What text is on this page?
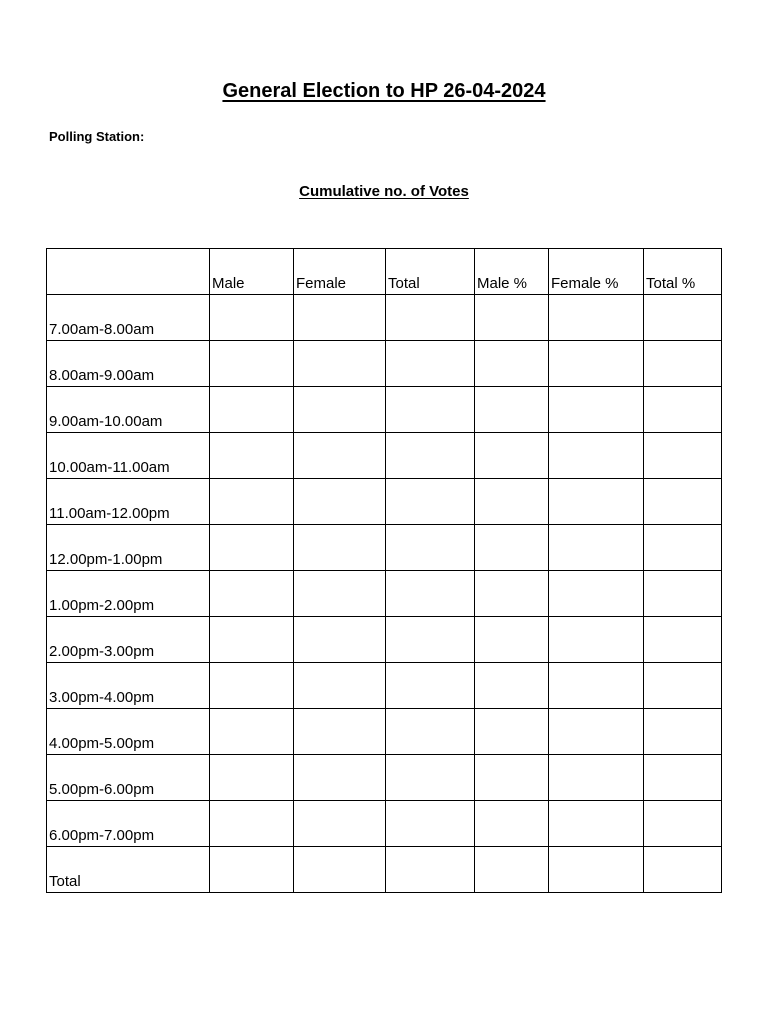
General Election to HP 26-04-2024
Polling Station:
Cumulative no. of Votes
	Male	Female	Total	Male %	Female %	Total %
7.00am-8.00am						
8.00am-9.00am						
9.00am-10.00am						
10.00am-11.00am						
11.00am-12.00pm						
12.00pm-1.00pm						
1.00pm-2.00pm						
2.00pm-3.00pm						
3.00pm-4.00pm						
4.00pm-5.00pm						
5.00pm-6.00pm						
6.00pm-7.00pm						
Total						
